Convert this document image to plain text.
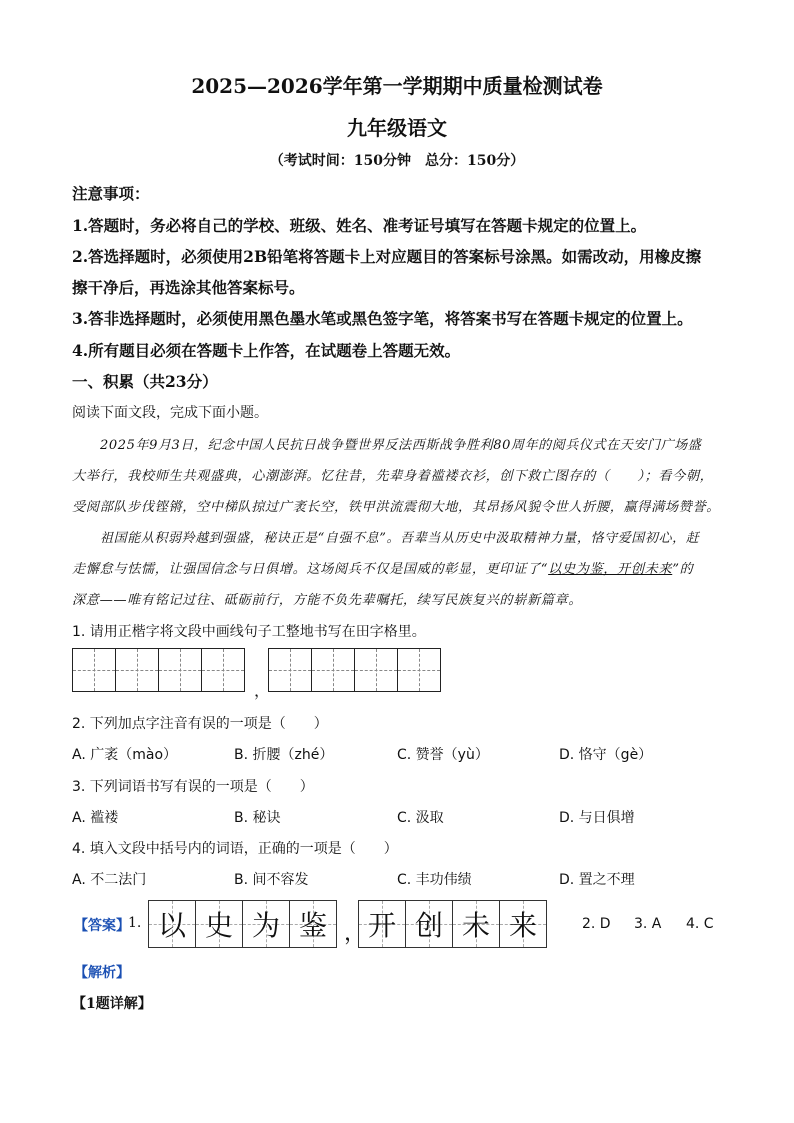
2025—2026学年第一学期期中质量检测试卷
九年级语文
（考试时间：150分钟　总分：150分）
注意事项：
1.答题时，务必将自己的学校、班级、姓名、准考证号填写在答题卡规定的位置上。
2.答选择题时，必须使用2B铅笔将答题卡上对应题目的答案标号涂黑。如需改动，用橡皮擦
擦干净后，再选涂其他答案标号。
3.答非选择题时，必须使用黑色墨水笔或黑色签字笔，将答案书写在答题卡规定的位置上。
4.所有题目必须在答题卡上作答，在试题卷上答题无效。
一、积累（共23分）
阅读下面文段，完成下面小题。
2025年9月3日，纪念中国人民抗日战争暨世界反法西斯战争胜利80周年的阅兵仪式在天安门广场盛
大举行，我校师生共观盛典，心潮澎湃。忆往昔，先辈身着褴褛衣衫，创下救亡图存的（　　）；看今朝，
受阅部队步伐铿锵，空中梯队掠过广袤长空，铁甲洪流震彻大地，其昂扬风貌令世人折腰，赢得满场赞誉。
祖国能从积弱羚越到强盛，秘诀正是“自强不息”。吾辈当从历史中汲取精神力量，恪守爱国初心，赶
走懈怠与怯懦，让强国信念与日俱增。这场阅兵不仅是国威的彰显，更印证了“以史为鉴，开创未来”的
深意——唯有铭记过往、砥砺前行，方能不负先辈嘱托，续写民族复兴的崭新篇章。
1. 请用正楷字将文段中画线句子工整地书写在田字格里。
，
2. 下列加点字注音有误的一项是（　　）
A. 广袤（mào）	B. 折腰（zhé）	C. 赞誉（yù）	D. 恪守（gè）
3. 下列词语书写有误的一项是（　　）
A. 褴褛	B. 秘诀	C. 汲取	D. 与日俱增
4. 填入文段中括号内的词语，正确的一项是（　　）
A. 不二法门	B. 间不容发	C. 丰功伟绩	D. 置之不理
【答案】
1. 以 史 为 鉴 ， 开 创 未 来	2. D 3. A 4. C
【解析】
【1题详解】
